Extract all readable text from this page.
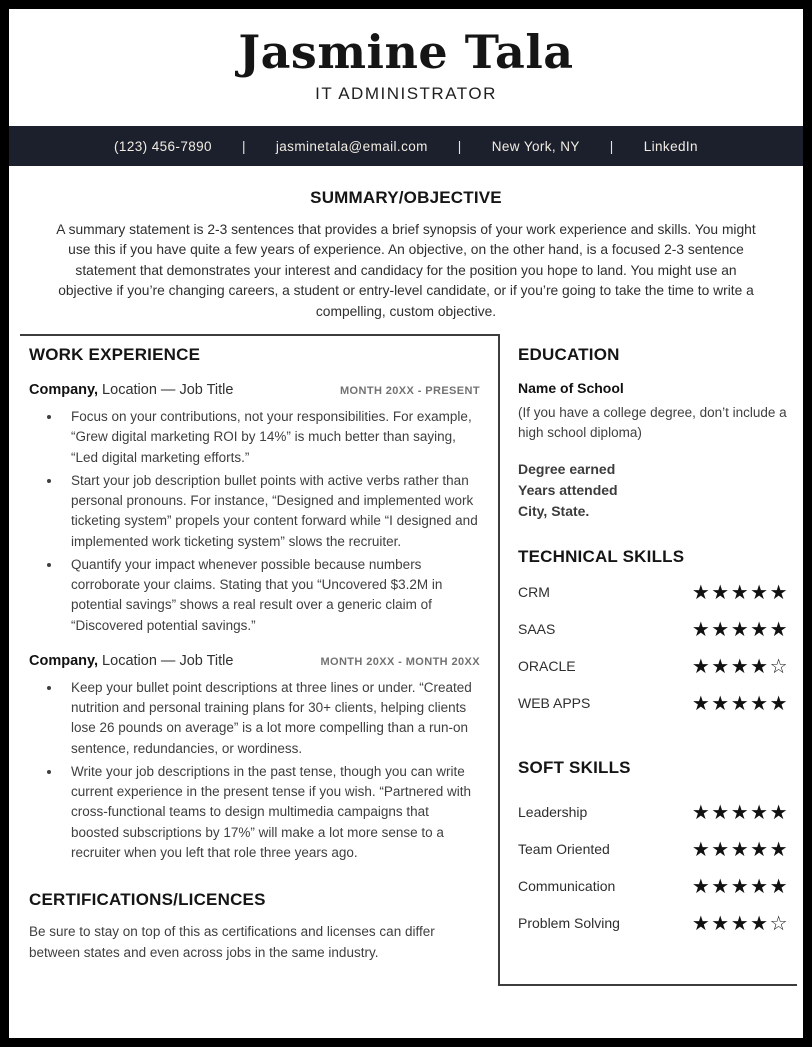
Jasmine Tala
IT ADMINISTRATOR
(123) 456-7890	|	jasminetala@email.com	|	New York, NY	|	LinkedIn
SUMMARY/OBJECTIVE

A summary statement is 2-3 sentences that provides a brief synopsis of your work experience and skills. You might use this if you have quite a few years of experience. An objective, on the other hand, is a focused 2-3 sentence statement that demonstrates your interest and candidacy for the position you hope to land. You might use an objective if you’re changing careers, a student or entry-level candidate, or if you’re going to take the time to write a compelling, custom objective.

WORK EXPERIENCE
Company, Location — Job Title	MONTH 20XX - PRESENT
• Focus on your contributions, not your responsibilities. For example, “Grew digital marketing ROI by 14%” is much better than saying, “Led digital marketing efforts.”
• Start your job description bullet points with active verbs rather than personal pronouns. For instance, “Designed and implemented work ticketing system” propels your content forward while “I designed and implemented work ticketing system” slows the recruiter.
• Quantify your impact whenever possible because numbers corroborate your claims. Stating that you “Uncovered $3.2M in potential savings” shows a real result over a generic claim of “Discovered potential savings.”
Company, Location — Job Title	MONTH 20XX - MONTH 20XX
• Keep your bullet point descriptions at three lines or under. “Created nutrition and personal training plans for 30+ clients, helping clients lose 26 pounds on average” is a lot more compelling than a run-on sentence, redundancies, or wordiness.
• Write your job descriptions in the past tense, though you can write current experience in the present tense if you wish. “Partnered with cross-functional teams to design multimedia campaigns that boosted subscriptions by 17%” will make a lot more sense to a recruiter when you left that role three years ago.
CERTIFICATIONS/LICENCES

Be sure to stay on top of this as certifications and licenses can differ between states and even across jobs in the same industry.

EDUCATION
Name of School

(If you have a college degree, don’t include a high school diploma)

Degree earned
Years attended
City, State.
TECHNICAL SKILLS
CRM	★★★★★
SAAS	★★★★★
ORACLE	★★★★☆
WEB APPS	★★★★★
SOFT SKILLS
Leadership	★★★★★
Team Oriented	★★★★★
Communication	★★★★★
Problem Solving	★★★★☆
